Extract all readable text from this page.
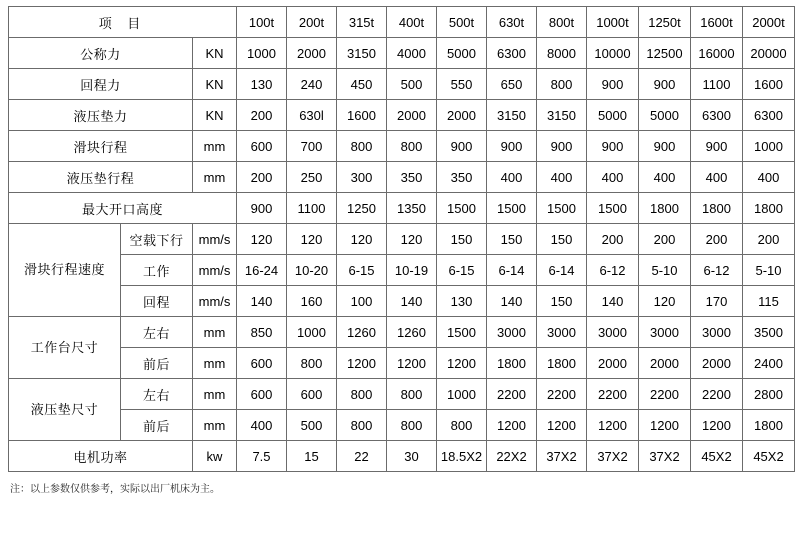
项 目			100t	200t	315t	400t	500t	630t	800t	1000t	1250t	1600t	2000t
公称力		KN	1000	2000	3150	4000	5000	6300	8000	10000	12500	16000	20000
回程力		KN	130	240	450	500	550	650	800	900	900	1100	1600
液压垫力		KN	200	630l	1600	2000	2000	3150	3150	5000	5000	6300	6300
滑块行程		mm	600	700	800	800	900	900	900	900	900	900	1000
液压垫行程		mm	200	250	300	350	350	400	400	400	400	400	400
最大开口高度			900	1100	1250	1350	1500	1500	1500	1500	1800	1800	1800
滑块行程速度	空载下行	mm/s	120	120	120	120	150	150	150	200	200	200	200
	工作	mm/s	16-24	10-20	6-15	10-19	6-15	6-14	6-14	6-12	5-10	6-12	5-10
	回程	mm/s	140	160	100	140	130	140	150	140	120	170	115
工作台尺寸	左右	mm	850	1000	1260	1260	1500	3000	3000	3000	3000	3000	3500
	前后	mm	600	800	1200	1200	1200	1800	1800	2000	2000	2000	2400
液压垫尺寸	左右	mm	600	600	800	800	1000	2200	2200	2200	2200	2200	2800
	前后	mm	400	500	800	800	800	1200	1200	1200	1200	1200	1800
电机功率		kw	7.5	15	22	30	18.5X2	22X2	37X2	37X2	37X2	45X2	45X2
注：以上参数仅供参考，实际以出厂机床为主。
